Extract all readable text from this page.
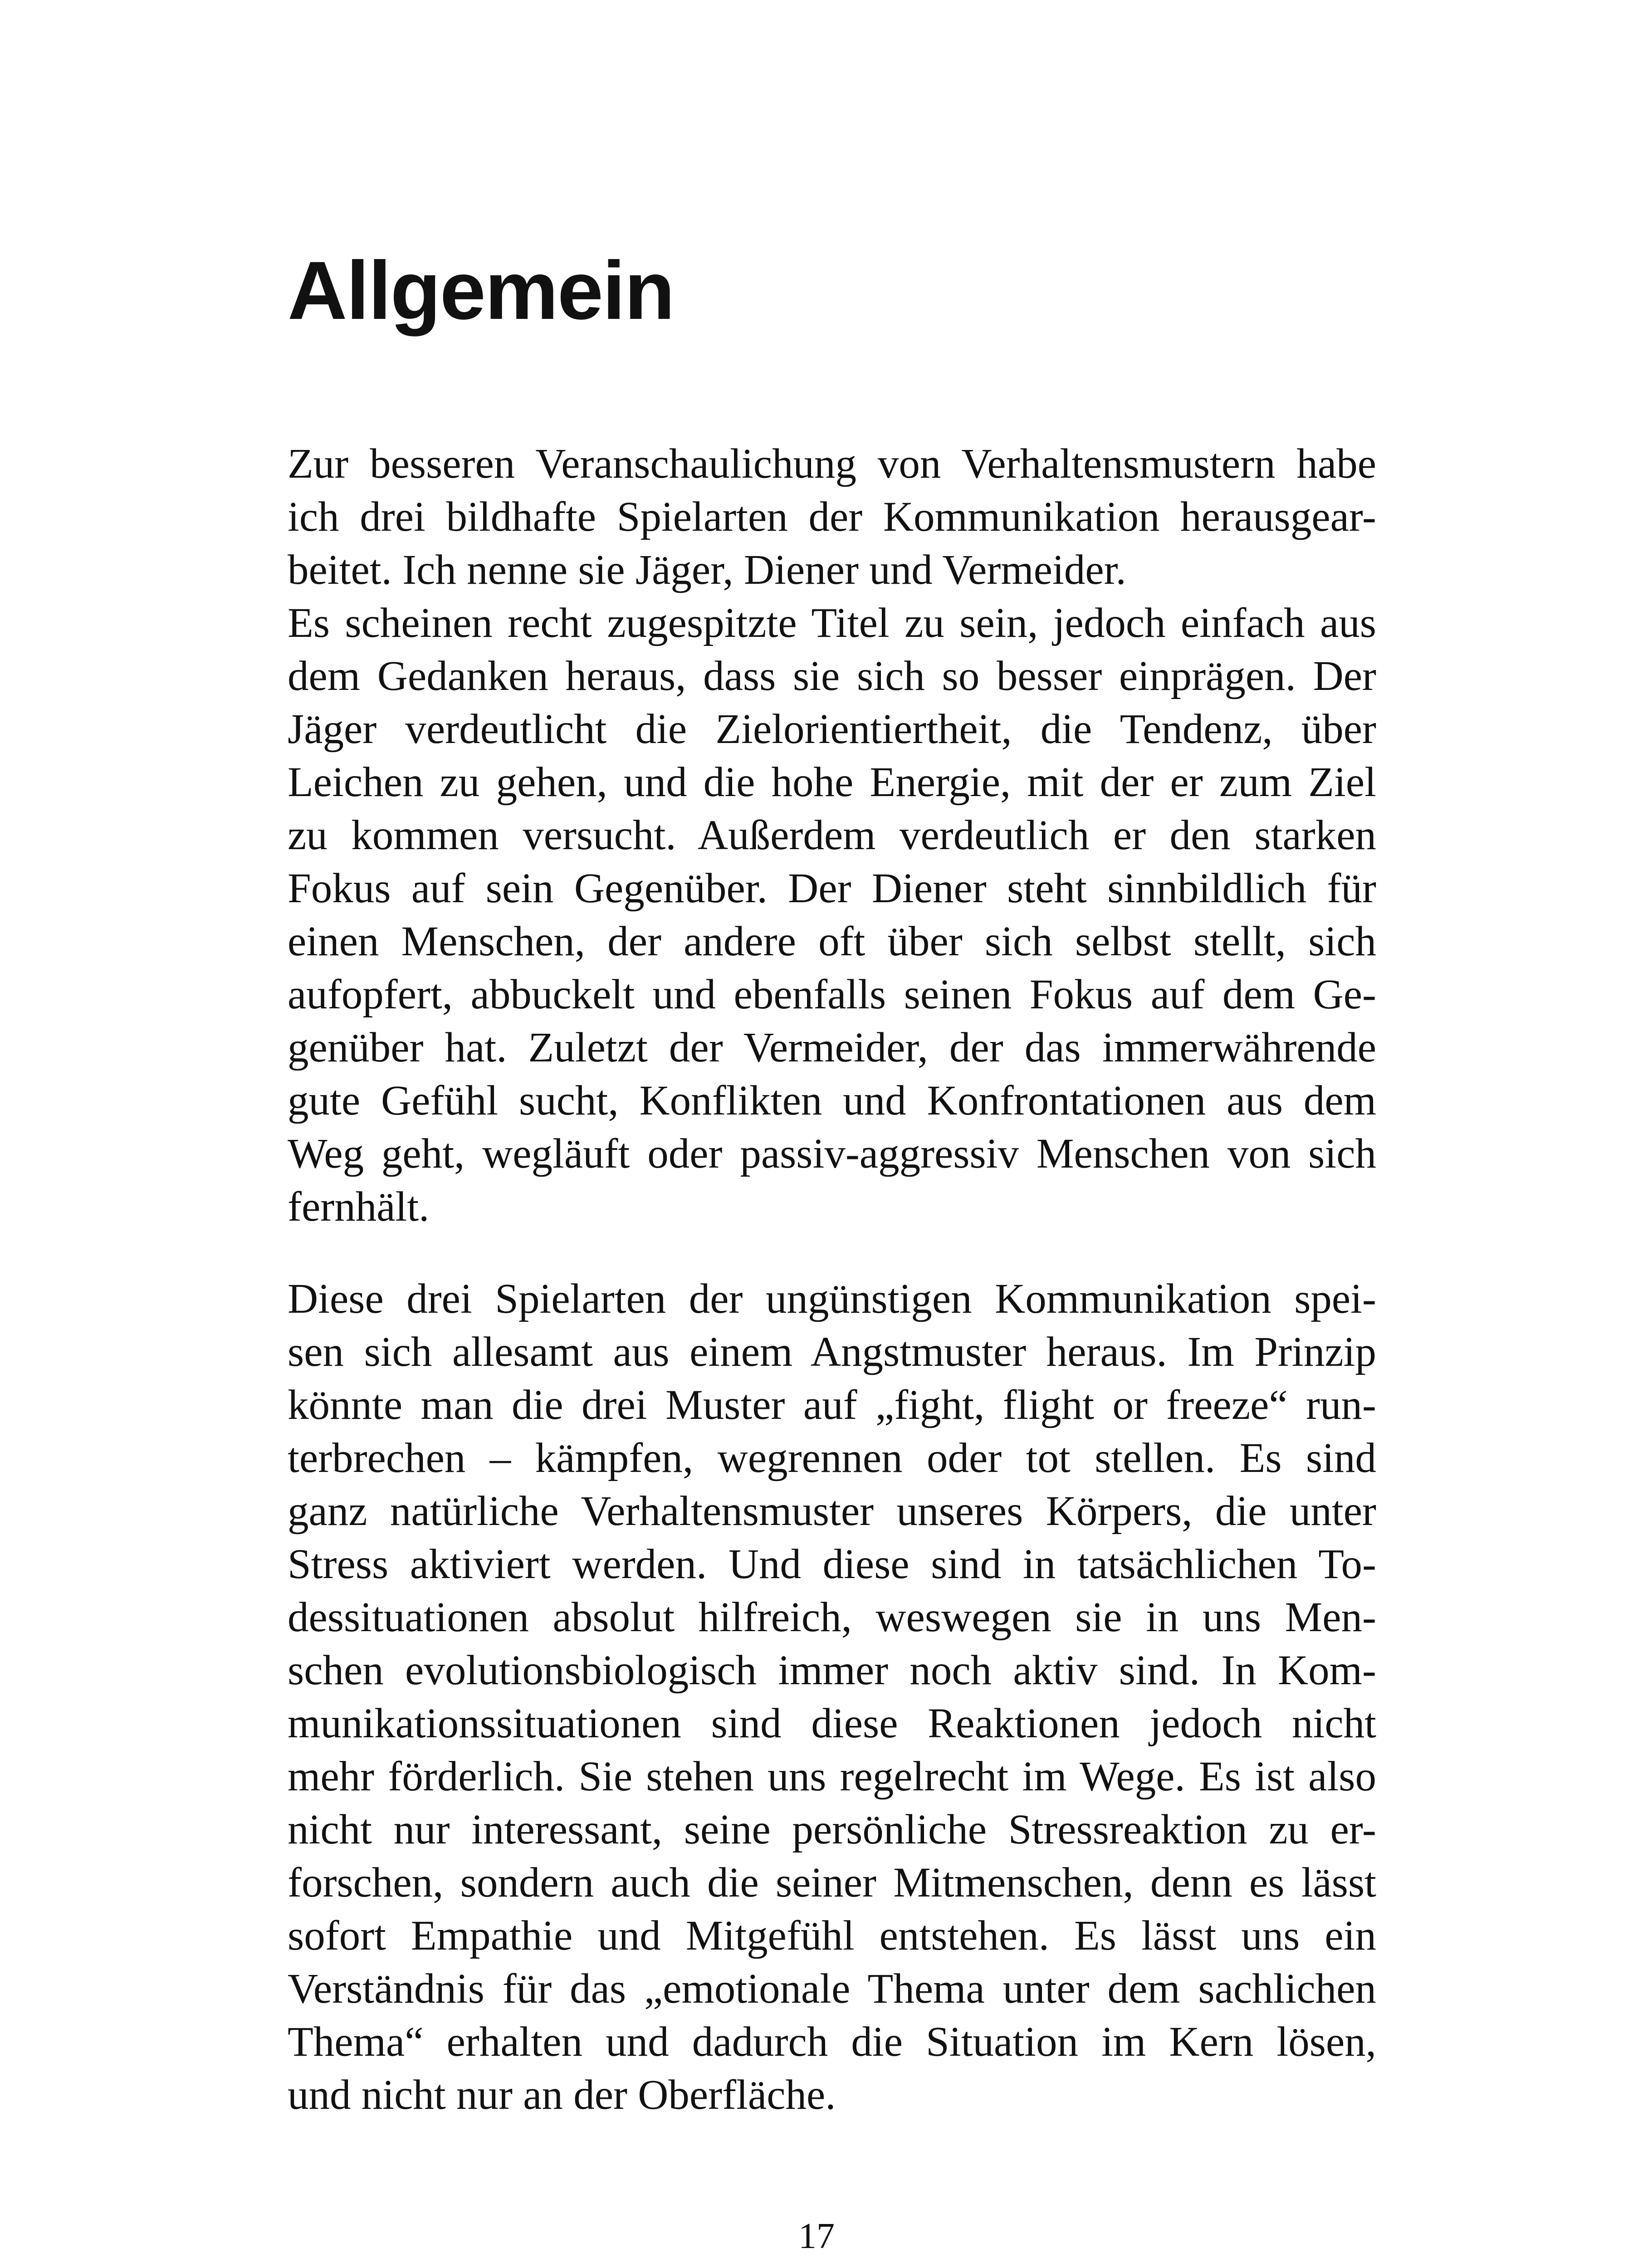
Allgemein

Zur besseren Veranschaulichung von Verhaltensmustern habe

ich drei bildhafte Spielarten der Kommunikation herausgear-

beitet. Ich nenne sie Jäger, Diener und Vermeider.

Es scheinen recht zugespitzte Titel zu sein, jedoch einfach aus

dem Gedanken heraus, dass sie sich so besser einprägen. Der

Jäger verdeutlicht die Zielorientiertheit, die Tendenz, über

Leichen zu gehen, und die hohe Energie, mit der er zum Ziel

zu kommen versucht. Außerdem verdeutlich er den starken

Fokus auf sein Gegenüber. Der Diener steht sinnbildlich für

einen Menschen, der andere oft über sich selbst stellt, sich

aufopfert, abbuckelt und ebenfalls seinen Fokus auf dem Ge-

genüber hat. Zuletzt der Vermeider, der das immerwährende

gute Gefühl sucht, Konflikten und Konfrontationen aus dem

Weg geht, wegläuft oder passiv-aggressiv Menschen von sich

fernhält.

Diese drei Spielarten der ungünstigen Kommunikation spei-

sen sich allesamt aus einem Angstmuster heraus. Im Prinzip

könnte man die drei Muster auf „fight, flight or freeze“ run-

terbrechen – kämpfen, wegrennen oder tot stellen. Es sind

ganz natürliche Verhaltensmuster unseres Körpers, die unter

Stress aktiviert werden. Und diese sind in tatsächlichen To-

dessituationen absolut hilfreich, weswegen sie in uns Men-

schen evolutionsbiologisch immer noch aktiv sind. In Kom-

munikationssituationen sind diese Reaktionen jedoch nicht

mehr förderlich. Sie stehen uns regelrecht im Wege. Es ist also

nicht nur interessant, seine persönliche Stressreaktion zu er-

forschen, sondern auch die seiner Mitmenschen, denn es lässt

sofort Empathie und Mitgefühl entstehen. Es lässt uns ein

Verständnis für das „emotionale Thema unter dem sachlichen

Thema“ erhalten und dadurch die Situation im Kern lösen,

und nicht nur an der Oberfläche.

17
